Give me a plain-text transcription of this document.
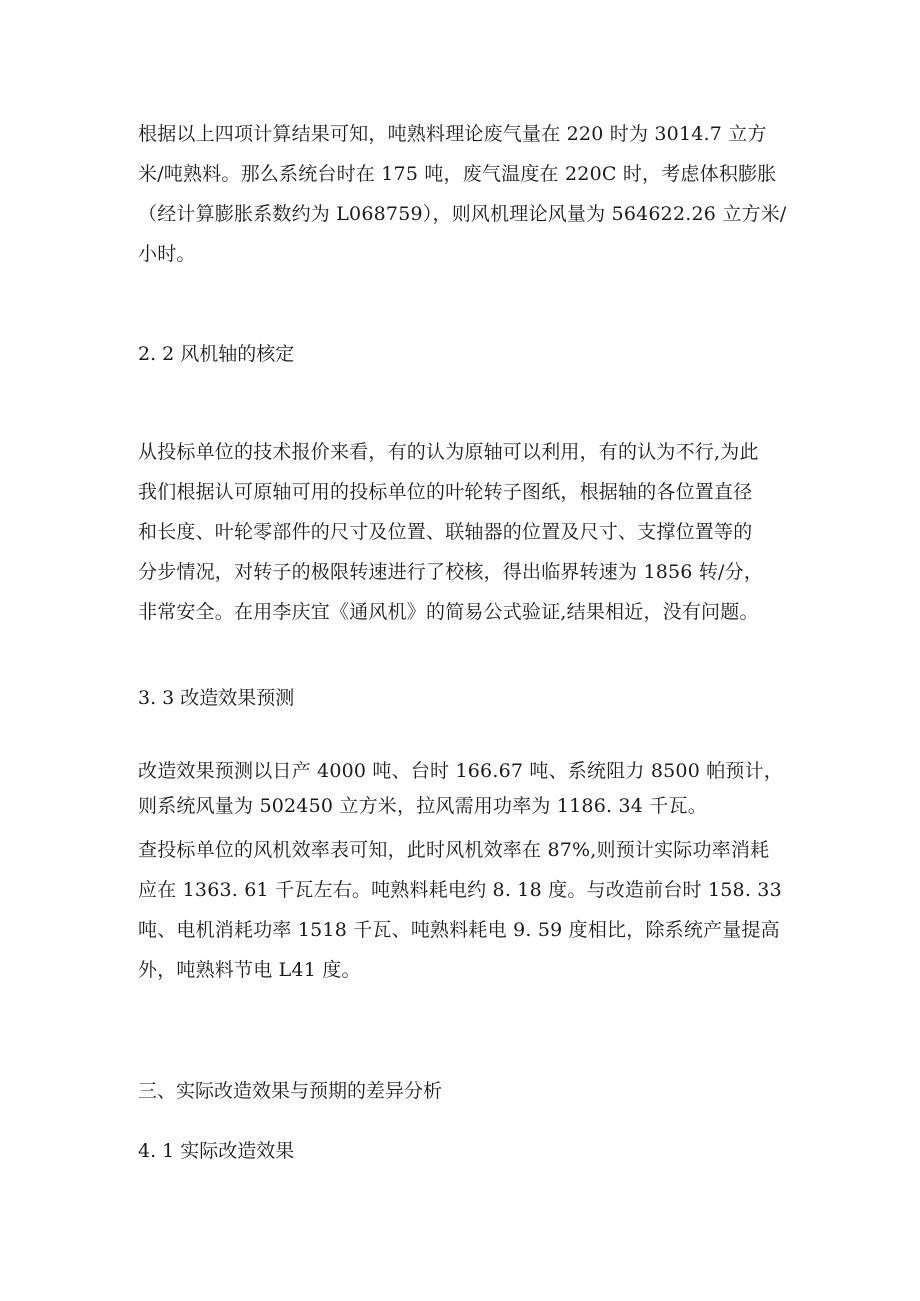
根据以上四项计算结果可知，吨熟料理论废气量在 220 时为 3014.7 立方
米/吨熟料。那么系统台时在 175 吨，废气温度在 220C 时，考虑体积膨胀
（经计算膨胀系数约为 L068759），则风机理论风量为 564622.26 立方米/
小时。
2. 2 风机轴的核定
从投标单位的技术报价来看，有的认为原轴可以利用，有的认为不行,为此
我们根据认可原轴可用的投标单位的叶轮转子图纸，根据轴的各位置直径
和长度、叶轮零部件的尺寸及位置、联轴器的位置及尺寸、支撑位置等的
分步情况，对转子的极限转速进行了校核，得出临界转速为 1856 转/分，
非常安全。在用李庆宜《通风机》的简易公式验证,结果相近，没有问题。
3. 3 改造效果预测
改造效果预测以日产 4000 吨、台时 166.67 吨、系统阻力 8500 帕预计，
则系统风量为 502450 立方米，拉风需用功率为 1186. 34 千瓦。
查投标单位的风机效率表可知，此时风机效率在 87%,则预计实际功率消耗
应在 1363. 61 千瓦左右。吨熟料耗电约 8. 18 度。与改造前台时 158. 33
吨、电机消耗功率 1518 千瓦、吨熟料耗电 9. 59 度相比，除系统产量提高
外，吨熟料节电 L41 度。
三、实际改造效果与预期的差异分析
4. 1 实际改造效果
